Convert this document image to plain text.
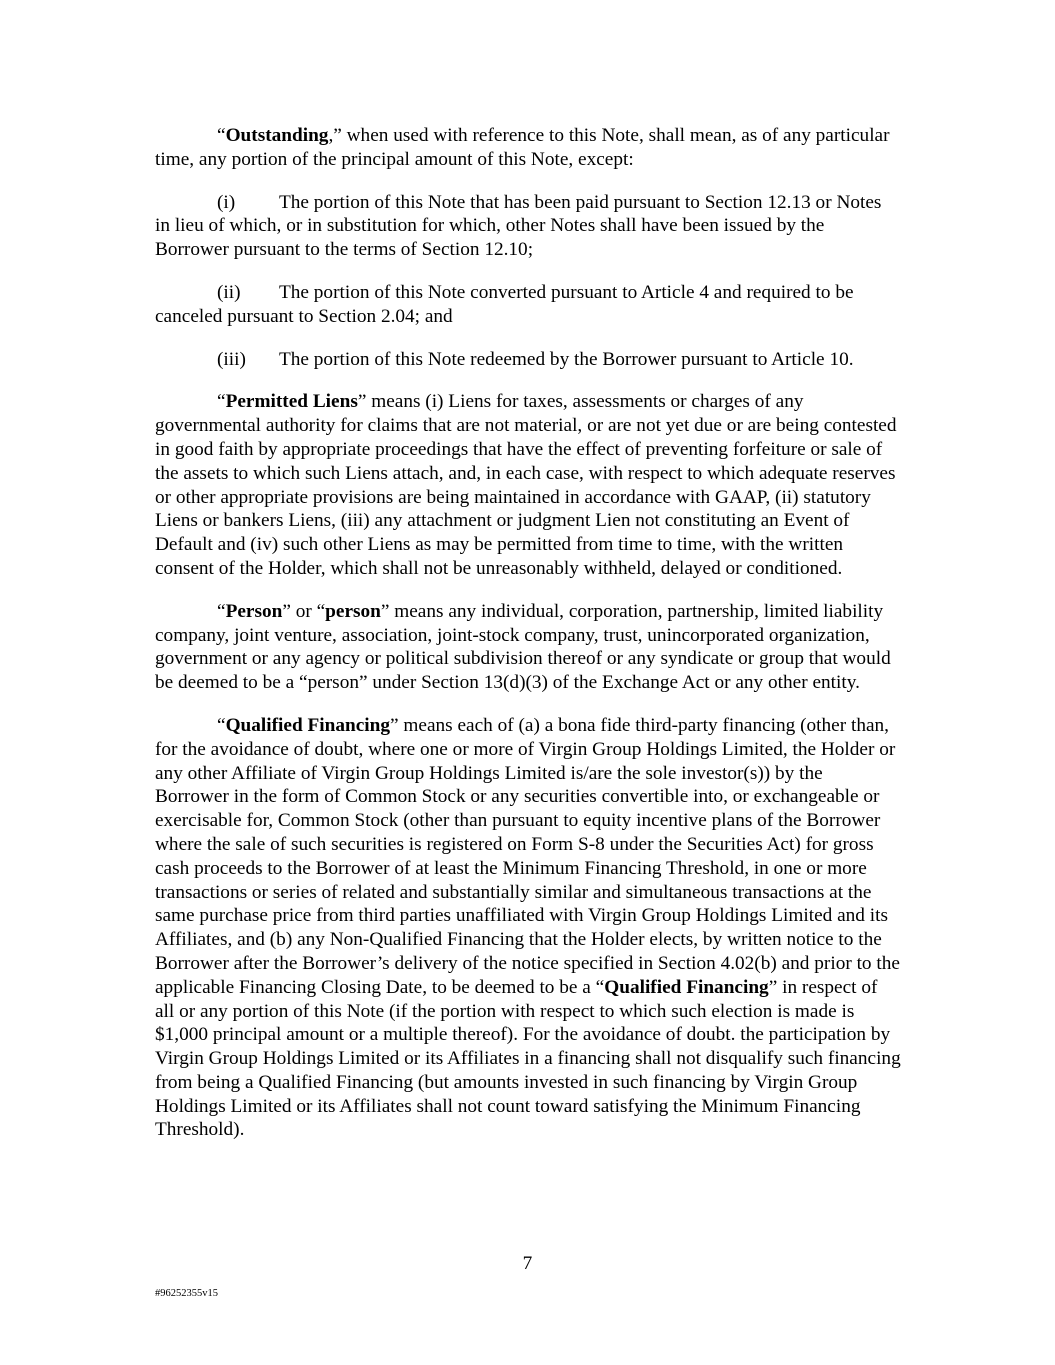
“Outstanding,” when used with reference to this Note, shall mean, as of any particular time, any portion of the principal amount of this Note, except:

(i) The portion of this Note that has been paid pursuant to Section 12.13 or Notes in lieu of which, or in substitution for which, other Notes shall have been issued by the Borrower pursuant to the terms of Section 12.10;

(ii) The portion of this Note converted pursuant to Article 4 and required to be canceled pursuant to Section 2.04; and

(iii) The portion of this Note redeemed by the Borrower pursuant to Article 10.

“Permitted Liens” means (i) Liens for taxes, assessments or charges of any governmental authority for claims that are not material, or are not yet due or are being contested in good faith by appropriate proceedings that have the effect of preventing forfeiture or sale of the assets to which such Liens attach, and, in each case, with respect to which adequate reserves or other appropriate provisions are being maintained in accordance with GAAP, (ii) statutory Liens or bankers Liens, (iii) any attachment or judgment Lien not constituting an Event of Default and (iv) such other Liens as may be permitted from time to time, with the written consent of the Holder, which shall not be unreasonably withheld, delayed or conditioned.

“Person” or “person” means any individual, corporation, partnership, limited liability company, joint venture, association, joint-stock company, trust, unincorporated organization, government or any agency or political subdivision thereof or any syndicate or group that would be deemed to be a “person” under Section 13(d)(3) of the Exchange Act or any other entity.

“Qualified Financing” means each of (a) a bona fide third-party financing (other than, for the avoidance of doubt, where one or more of Virgin Group Holdings Limited, the Holder or any other Affiliate of Virgin Group Holdings Limited is/are the sole investor(s)) by the Borrower in the form of Common Stock or any securities convertible into, or exchangeable or exercisable for, Common Stock (other than pursuant to equity incentive plans of the Borrower where the sale of such securities is registered on Form S-8 under the Securities Act) for gross cash proceeds to the Borrower of at least the Minimum Financing Threshold, in one or more transactions or series of related and substantially similar and simultaneous transactions at the same purchase price from third parties unaffiliated with Virgin Group Holdings Limited and its Affiliates, and (b) any Non-Qualified Financing that the Holder elects, by written notice to the Borrower after the Borrower’s delivery of the notice specified in Section 4.02(b) and prior to the applicable Financing Closing Date, to be deemed to be a “Qualified Financing” in respect of all or any portion of this Note (if the portion with respect to which such election is made is $1,000 principal amount or a multiple thereof). For the avoidance of doubt. the participation by Virgin Group Holdings Limited or its Affiliates in a financing shall not disqualify such financing from being a Qualified Financing (but amounts invested in such financing by Virgin Group Holdings Limited or its Affiliates shall not count toward satisfying the Minimum Financing Threshold).

7
#96252355v15
